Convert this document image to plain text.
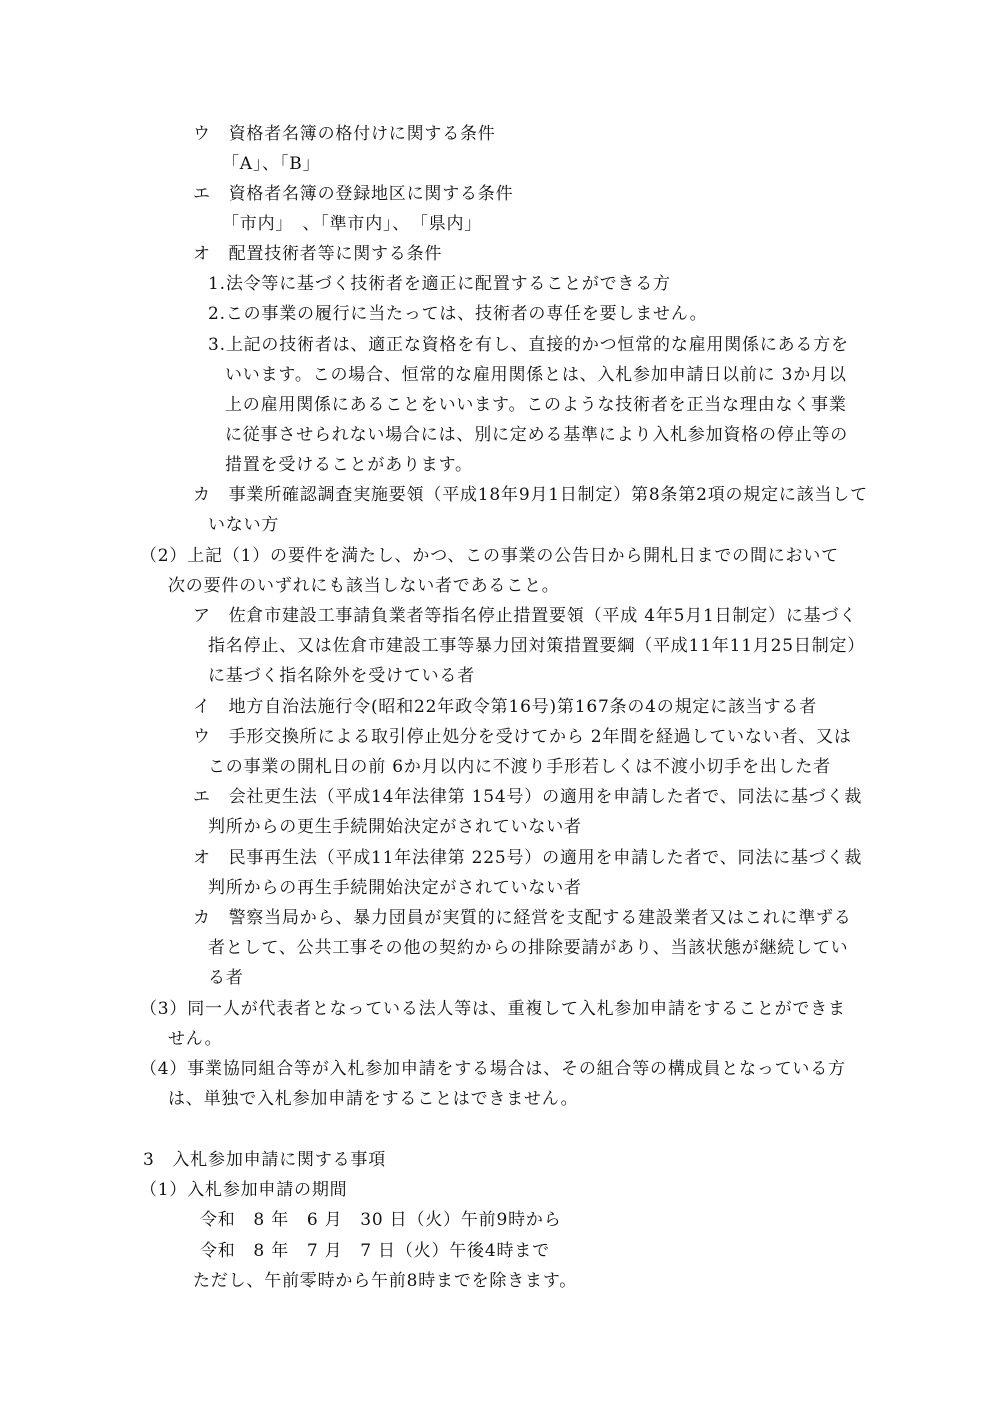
ウ　資格者名簿の格付けに関する条件
「A」、「B」
エ　資格者名簿の登録地区に関する条件
「市内」　、「準市内」、　「県内」
オ　配置技術者等に関する条件
1.法令等に基づく技術者を適正に配置することができる方
2.この事業の履行に当たっては、技術者の専任を要しません。
3.上記の技術者は、適正な資格を有し、直接的かつ恒常的な雇用関係にある方を
いいます。この場合、恒常的な雇用関係とは、入札参加申請日以前に 3か月以
上の雇用関係にあることをいいます。このような技術者を正当な理由なく事業
に従事させられない場合には、別に定める基準により入札参加資格の停止等の
措置を受けることがあります。
カ　事業所確認調査実施要領（平成18年9月1日制定）第8条第2項の規定に該当して
いない方
（2）上記（1）の要件を満たし、かつ、この事業の公告日から開札日までの間において
次の要件のいずれにも該当しない者であること。
ア　佐倉市建設工事請負業者等指名停止措置要領（平成 4年5月1日制定）に基づく
指名停止、又は佐倉市建設工事等暴力団対策措置要綱（平成11年11月25日制定）
に基づく指名除外を受けている者
イ　地方自治法施行令(昭和22年政令第16号)第167条の4の規定に該当する者
ウ　手形交換所による取引停止処分を受けてから 2年間を経過していない者、又は
この事業の開札日の前 6か月以内に不渡り手形若しくは不渡小切手を出した者
エ　会社更生法（平成14年法律第 154号）の適用を申請した者で、同法に基づく裁
判所からの更生手続開始決定がされていない者
オ　民事再生法（平成11年法律第 225号）の適用を申請した者で、同法に基づく裁
判所からの再生手続開始決定がされていない者
カ　警察当局から、暴力団員が実質的に経営を支配する建設業者又はこれに準ずる
者として、公共工事その他の契約からの排除要請があり、当該状態が継続してい
る者
（3）同一人が代表者となっている法人等は、重複して入札参加申請をすることができま
せん。
（4）事業協同組合等が入札参加申請をする場合は、その組合等の構成員となっている方
は、単独で入札参加申請をすることはできません。
3　入札参加申請に関する事項
（1）入札参加申請の期間
令和　8 年　6 月　30 日（火）午前9時から
令和　8 年　7 月　7 日（火）午後4時まで
ただし、午前零時から午前8時までを除きます。
